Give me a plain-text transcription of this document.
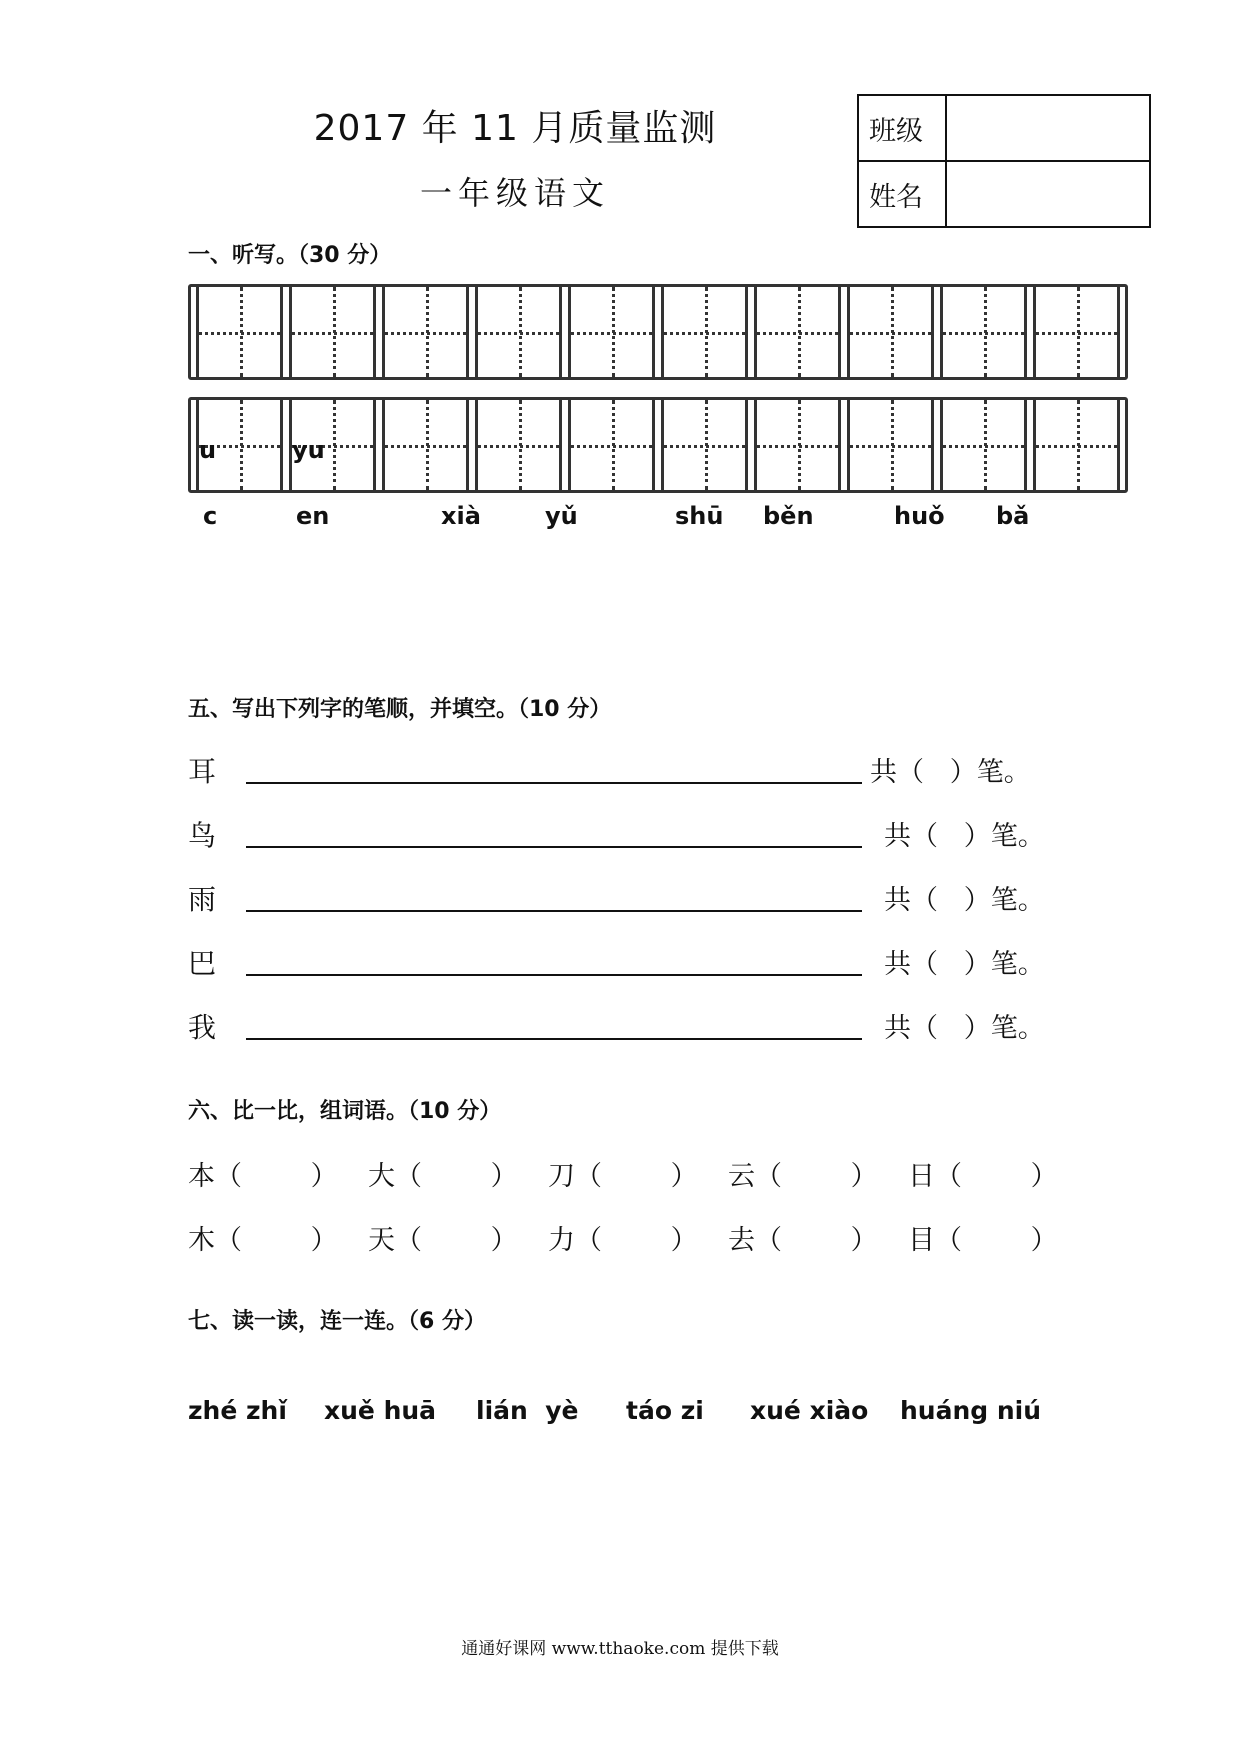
2017 年 11 月质量监测
一年级语文
班级	
姓名	
一、听写。（30 分）
u	yu
c	en	xià	yǔ	shū běn	huǒ bǎ
五、写出下列字的笔顺，并填空。（10 分）
耳	共（   ）笔。
鸟	共（   ）笔。
雨	共（   ）笔。
巴	共（   ）笔。
我	共（   ）笔。
六、比一比，组词语。（10 分）
本（        ） 大（        ） 刀（        ） 云（        ） 日（        ）
木（        ） 天（        ） 力（        ） 去（        ） 目（        ）
七、读一读，连一连。（6 分）
zhé zhǐ xuě huā lián  yè táo zi xué xiào huáng niú
通通好课网 www.tthaoke.com 提供下载
